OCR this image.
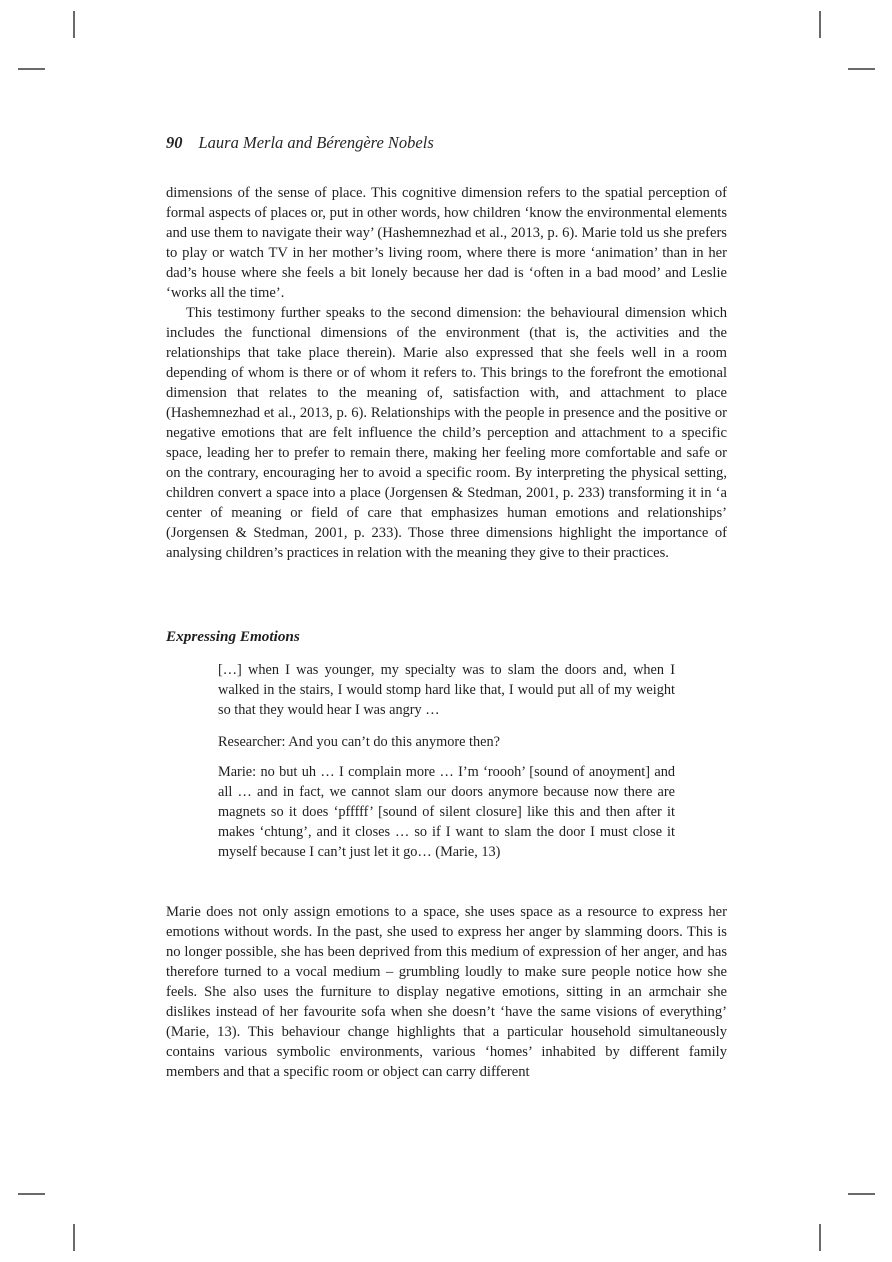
90 Laura Merla and Bérengère Nobels

dimensions of the sense of place. This cognitive dimension refers to the spatial perception of formal aspects of places or, put in other words, how children ‘know the environmental elements and use them to navigate their way’ (Hashemnezhad et al., 2013, p. 6). Marie told us she prefers to play or watch TV in her mother’s living room, where there is more ‘animation’ than in her dad’s house where she feels a bit lonely because her dad is ‘often in a bad mood’ and Leslie ‘works all the time’.

This testimony further speaks to the second dimension: the behavioural dimension which includes the functional dimensions of the environment (that is, the activities and the relationships that take place therein). Marie also expressed that she feels well in a room depending of whom is there or of whom it refers to. This brings to the forefront the emotional dimension that relates to the meaning of, satisfaction with, and attachment to place (Hashemnezhad et al., 2013, p. 6). Relationships with the people in presence and the positive or negative emotions that are felt influence the child’s perception and attachment to a specific space, leading her to prefer to remain there, making her feeling more comfortable and safe or on the contrary, encouraging her to avoid a specific room. By interpreting the physical setting, children convert a space into a place (Jorgensen & Stedman, 2001, p. 233) transforming it in ‘a center of meaning or field of care that emphasizes human emotions and relationships’ (Jorgensen & Stedman, 2001, p. 233). Those three dimensions highlight the importance of analysing children’s practices in relation with the meaning they give to their practices.

Expressing Emotions

[…] when I was younger, my specialty was to slam the doors and, when I walked in the stairs, I would stomp hard like that, I would put all of my weight so that they would hear I was angry …

Researcher: And you can’t do this anymore then?

Marie: no but uh … I complain more … I’m ‘roooh’ [sound of anoyment] and all … and in fact, we cannot slam our doors anymore because now there are magnets so it does ‘pfffff’ [sound of silent closure] like this and then after it makes ‘chtung’, and it closes … so if I want to slam the door I must close it myself because I can’t just let it go… (Marie, 13)

Marie does not only assign emotions to a space, she uses space as a resource to express her emotions without words. In the past, she used to express her anger by slamming doors. This is no longer possible, she has been deprived from this medium of expression of her anger, and has therefore turned to a vocal medium – grumbling loudly to make sure people notice how she feels. She also uses the furniture to display negative emotions, sitting in an armchair she dislikes instead of her favourite sofa when she doesn’t ‘have the same visions of everything’ (Marie, 13). This behaviour change highlights that a particular household simultaneously contains various symbolic environments, various ‘homes’ inhabited by different family members and that a specific room or object can carry different
